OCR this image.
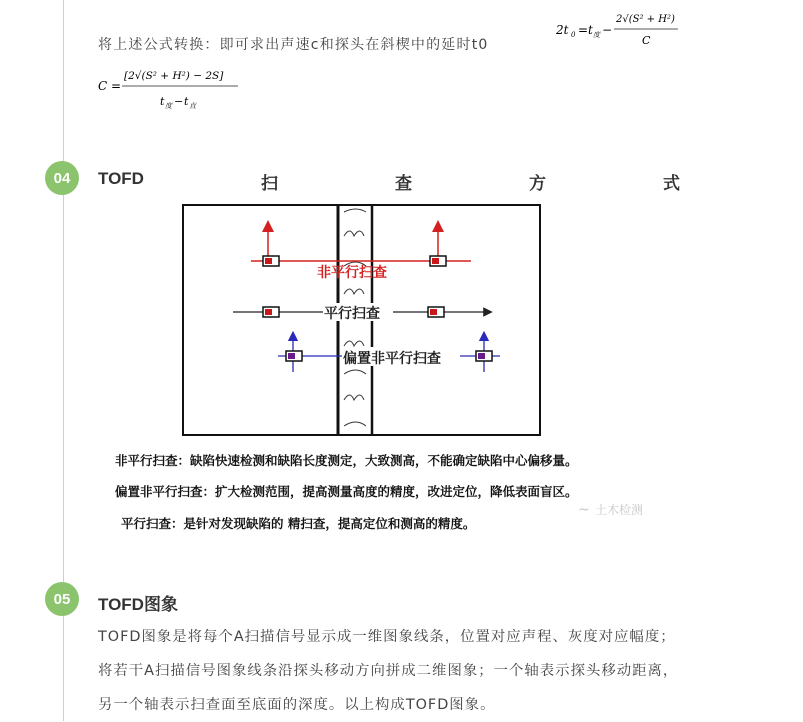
将上述公式转换：即可求出声速c和探头在斜楔中的延时t0
2t 0 = t 度 −
2√(S² + H²)
C
C =
[2√(S² + H²) − 2S]
t 度 − t 直
04	TOFD	扫	查	方	式
非平行扫查
平行扫查
偏置非平行扫查
非平行扫查：缺陷快速检测和缺陷长度测定，大致测高，不能确定缺陷中心偏移量。
偏置非平行扫查：扩大检测范围，提高测量高度的精度，改进定位，降低表面盲区。
平行扫查：是针对发现缺陷的 精扫查，提高定位和测高的精度。
~ 土木检测
05	TOFD图象
TOFD图象是将每个A扫描信号显示成一维图象线条，位置对应声程、灰度对应幅度；将若干A扫描信号图象线条沿探头移动方向拼成二维图象；一个轴表示探头移动距离，另一个轴表示扫查面至底面的深度。以上构成TOFD图象。
